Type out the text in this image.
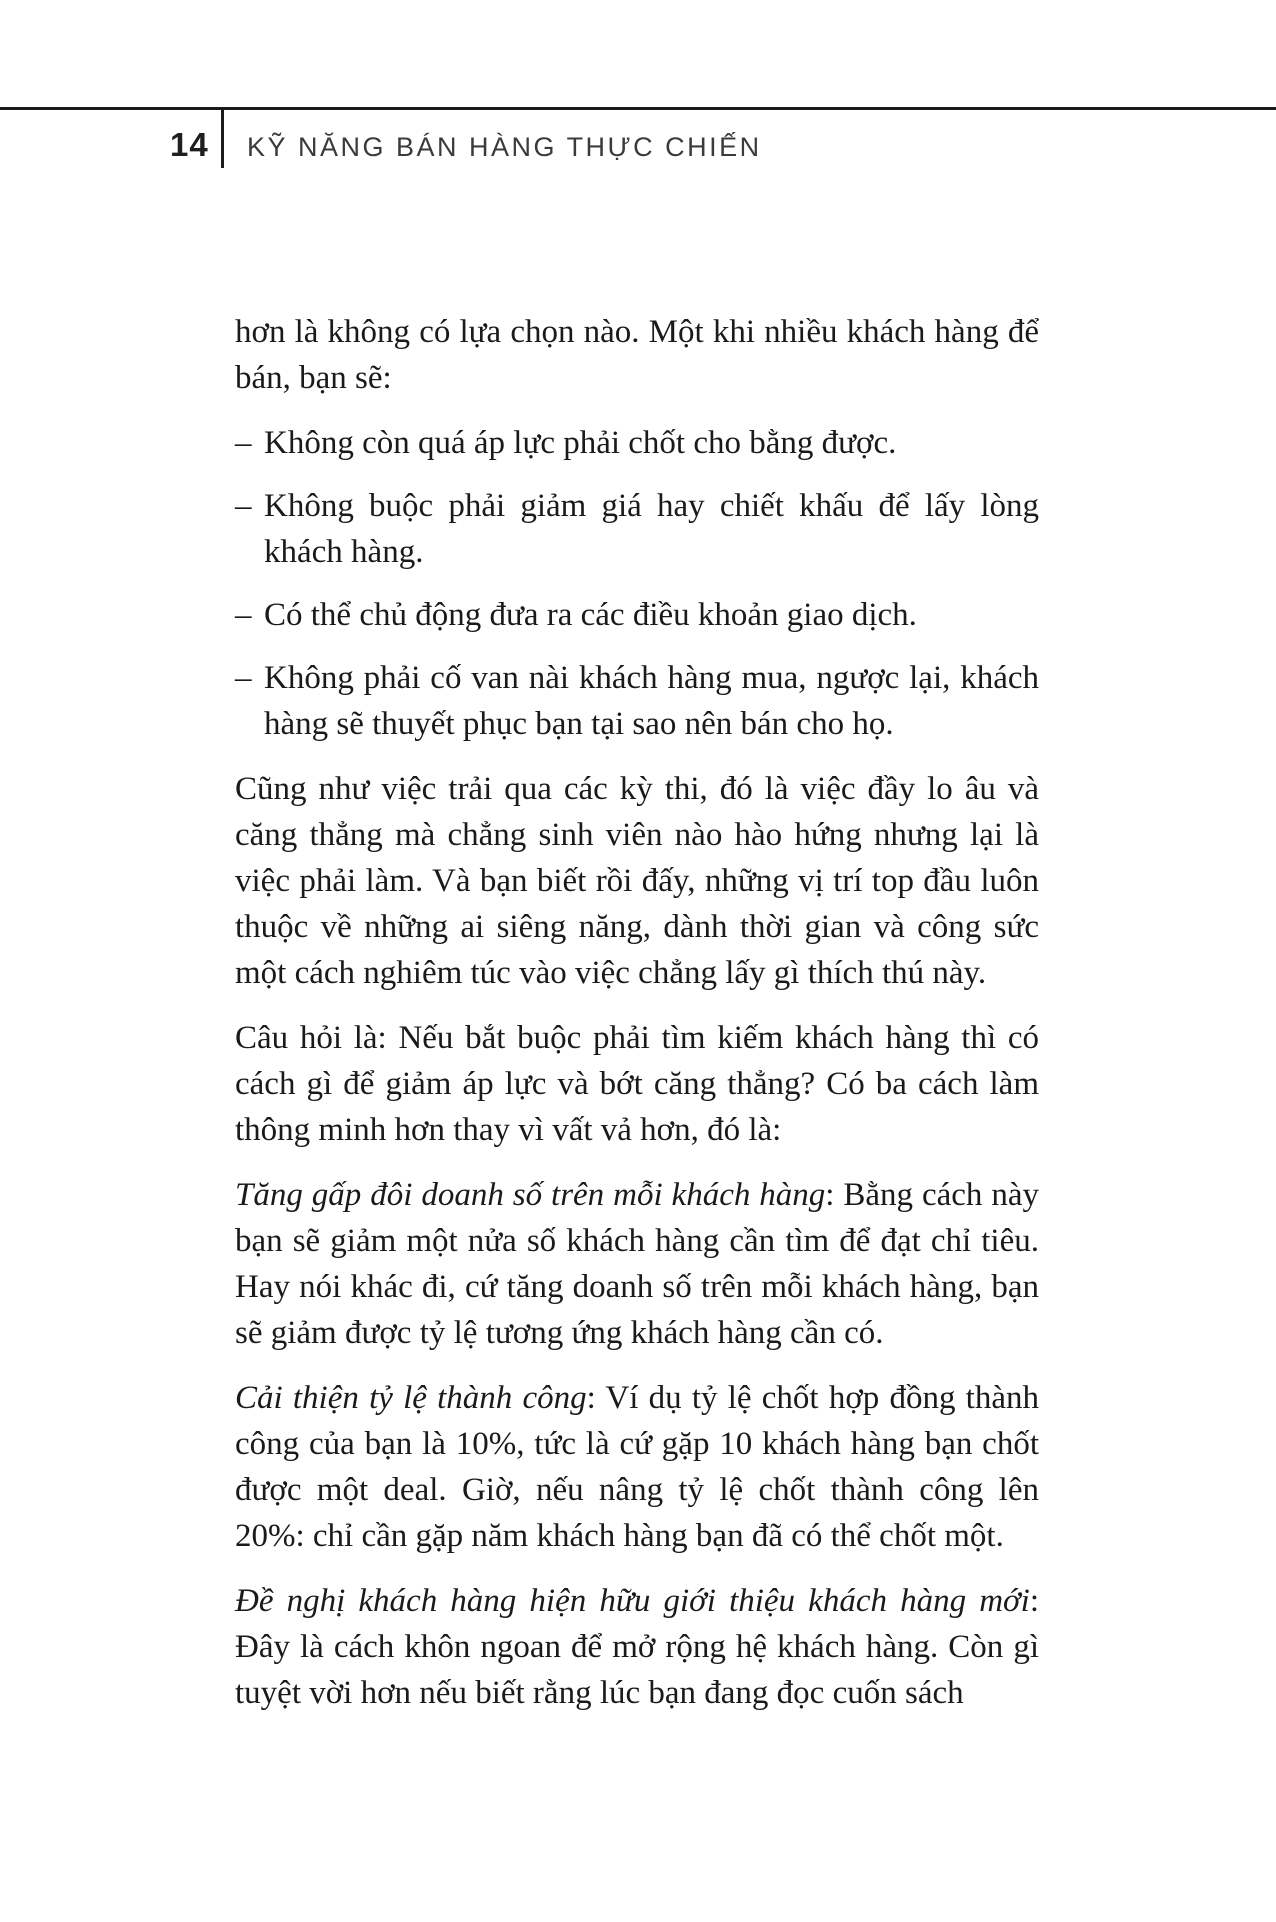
14 KỸ NĂNG BÁN HÀNG THỰC CHIẾN

hơn là không có lựa chọn nào. Một khi nhiều khách hàng để bán, bạn sẽ:

– Không còn quá áp lực phải chốt cho bằng được.
– Không buộc phải giảm giá hay chiết khấu để lấy lòng khách hàng.
– Có thể chủ động đưa ra các điều khoản giao dịch.
– Không phải cố van nài khách hàng mua, ngược lại, khách hàng sẽ thuyết phục bạn tại sao nên bán cho họ.

Cũng như việc trải qua các kỳ thi, đó là việc đầy lo âu và căng thẳng mà chẳng sinh viên nào hào hứng nhưng lại là việc phải làm. Và bạn biết rồi đấy, những vị trí top đầu luôn thuộc về những ai siêng năng, dành thời gian và công sức một cách nghiêm túc vào việc chẳng lấy gì thích thú này.

Câu hỏi là: Nếu bắt buộc phải tìm kiếm khách hàng thì có cách gì để giảm áp lực và bớt căng thẳng? Có ba cách làm thông minh hơn thay vì vất vả hơn, đó là:

Tăng gấp đôi doanh số trên mỗi khách hàng: Bằng cách này bạn sẽ giảm một nửa số khách hàng cần tìm để đạt chỉ tiêu. Hay nói khác đi, cứ tăng doanh số trên mỗi khách hàng, bạn sẽ giảm được tỷ lệ tương ứng khách hàng cần có.

Cải thiện tỷ lệ thành công: Ví dụ tỷ lệ chốt hợp đồng thành công của bạn là 10%, tức là cứ gặp 10 khách hàng bạn chốt được một deal. Giờ, nếu nâng tỷ lệ chốt thành công lên 20%: chỉ cần gặp năm khách hàng bạn đã có thể chốt một.

Đề nghị khách hàng hiện hữu giới thiệu khách hàng mới: Đây là cách khôn ngoan để mở rộng hệ khách hàng. Còn gì tuyệt vời hơn nếu biết rằng lúc bạn đang đọc cuốn sách
